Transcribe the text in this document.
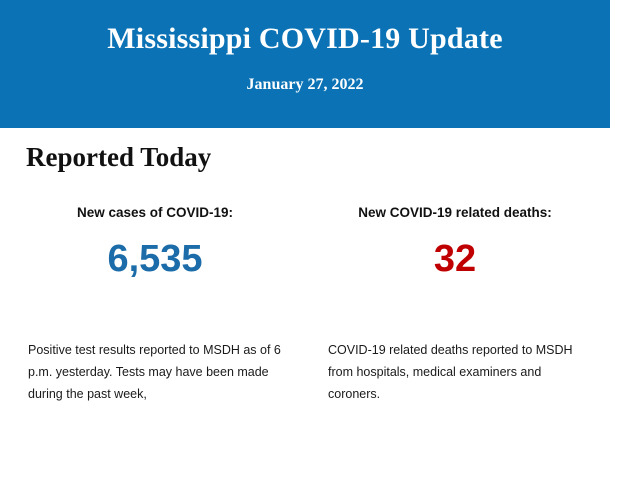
Mississippi COVID-19 Update
January 27, 2022
Reported Today
New cases of COVID-19:
6,535
New COVID-19 related deaths:
32
Positive test results reported to MSDH as of 6 p.m. yesterday. Tests may have been made during the past week,
COVID-19 related deaths reported to MSDH from hospitals, medical examiners and coroners.
